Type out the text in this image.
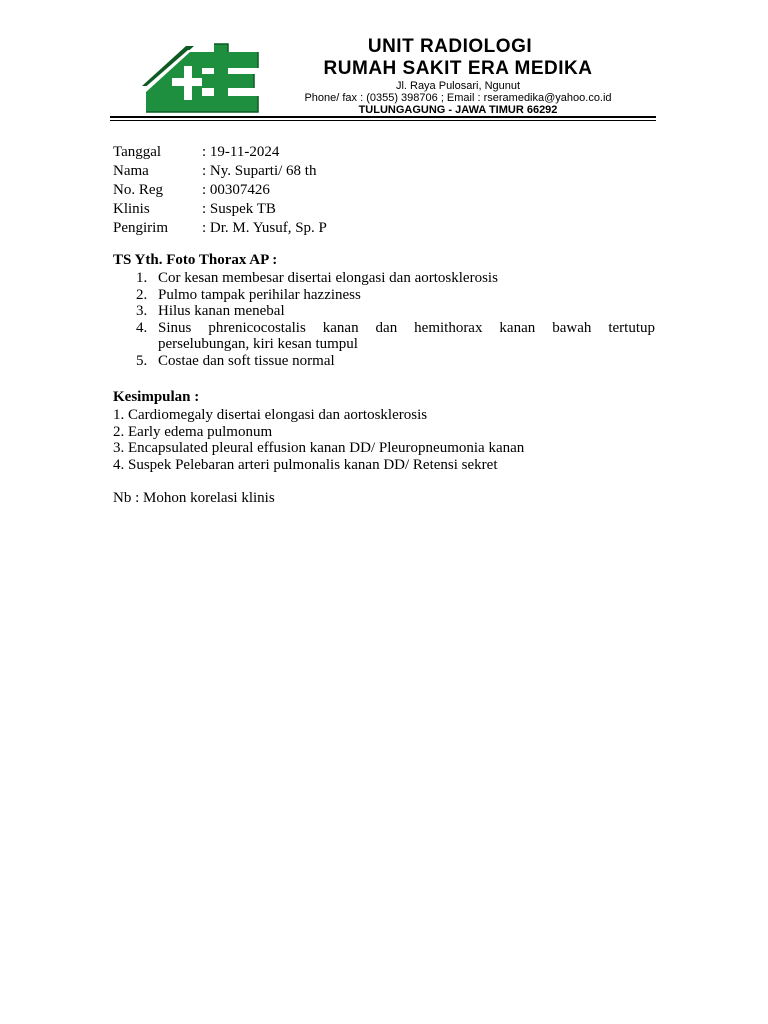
UNIT RADIOLOGI
RUMAH SAKIT ERA MEDIKA
Jl. Raya Pulosari, Ngunut
Phone/ fax : (0355) 398706 ; Email : rseramedika@yahoo.co.id
TULUNGAGUNG - JAWA TIMUR 66292
Tanggal	: 19-11-2024
Nama	: Ny. Suparti/ 68 th
No. Reg	: 00307426
Klinis	: Suspek TB
Pengirim	: Dr. M. Yusuf, Sp. P
TS Yth. Foto Thorax AP :
1. Cor kesan membesar disertai elongasi dan aortosklerosis
2. Pulmo tampak perihilar hazziness
3. Hilus kanan menebal
4. Sinus phrenicocostalis kanan dan hemithorax kanan bawah tertutup perselubungan, kiri kesan tumpul
5. Costae dan soft tissue normal
Kesimpulan :
1. Cardiomegaly disertai elongasi dan aortosklerosis
2. Early edema pulmonum
3. Encapsulated pleural effusion kanan DD/ Pleuropneumonia kanan
4. Suspek Pelebaran arteri pulmonalis kanan DD/ Retensi sekret
Nb : Mohon korelasi klinis
